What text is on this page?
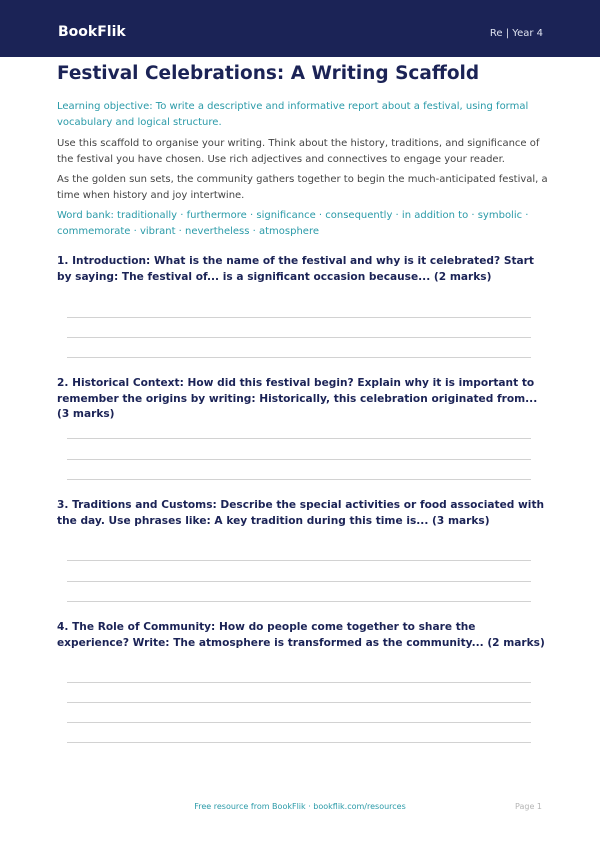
BookFlik	Re | Year 4
Festival Celebrations: A Writing Scaffold

Learning objective: To write a descriptive and informative report about a festival, using formal vocabulary and logical structure.

Use this scaffold to organise your writing. Think about the history, traditions, and significance of the festival you have chosen. Use rich adjectives and connectives to engage your reader.

As the golden sun sets, the community gathers together to begin the much-anticipated festival, a time when history and joy intertwine.

Word bank: traditionally · furthermore · significance · consequently · in addition to · symbolic · commemorate · vibrant · nevertheless · atmosphere

1. Introduction: What is the name of the festival and why is it celebrated? Start by saying: The festival of... is a significant occasion because... (2 marks)

2. Historical Context: How did this festival begin? Explain why it is important to remember the origins by writing: Historically, this celebration originated from... (3 marks)

3. Traditions and Customs: Describe the special activities or food associated with the day. Use phrases like: A key tradition during this time is... (3 marks)

4. The Role of Community: How do people come together to share the experience? Write: The atmosphere is transformed as the community... (2 marks)

Free resource from BookFlik · bookflik.com/resources	Page 1
